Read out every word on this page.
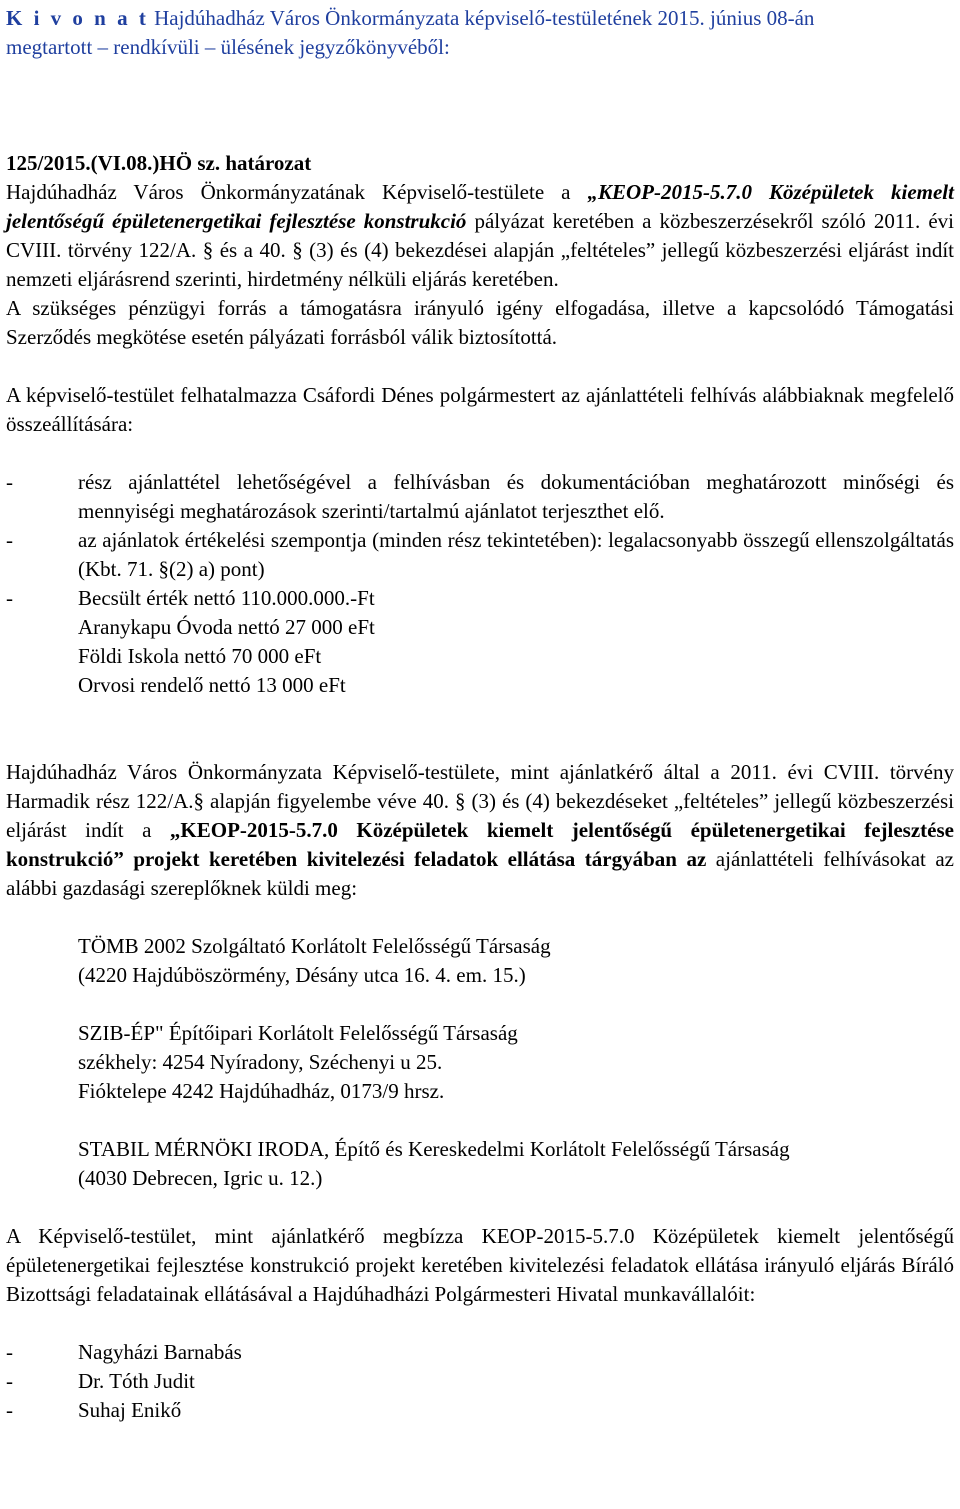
K i v o n a t Hajdúhadház Város Önkormányzata képviselő-testületének 2015. június 08-án

megtartott – rendkívüli – ülésének jegyzőkönyvéből:

125/2015.(VI.08.)HÖ sz. határozat

Hajdúhadház Város Önkormányzatának Képviselő-testülete a „KEOP-2015-5.7.0 Középületek kiemelt jelentőségű épületenergetikai fejlesztése konstrukció pályázat keretében a közbeszerzésekről szóló 2011. évi CVIII. törvény 122/A. § és a 40. § (3) és (4) bekezdései alapján „feltételes” jellegű közbeszerzési eljárást indít nemzeti eljárásrend szerinti, hirdetmény nélküli eljárás keretében.

A szükséges pénzügyi forrás a támogatásra irányuló igény elfogadása, illetve a kapcsolódó Támogatási Szerződés megkötése esetén pályázati forrásból válik biztosítottá.

A képviselő-testület felhatalmazza Csáfordi Dénes polgármestert az ajánlattételi felhívás alábbiaknak megfelelő összeállítására:

-	rész ajánlattétel lehetőségével a felhívásban és dokumentációban meghatározott minőségi és mennyiségi meghatározások szerinti/tartalmú ajánlatot terjeszthet elő.
-	az ajánlatok értékelési szempontja (minden rész tekintetében): legalacsonyabb összegű ellenszolgáltatás (Kbt. 71. §(2) a) pont)
-	Becsült érték nettó 110.000.000.-Ft

Aranykapu Óvoda nettó 27 000 eFt

Földi Iskola nettó 70 000 eFt

Orvosi rendelő nettó 13 000 eFt

Hajdúhadház Város Önkormányzata Képviselő-testülete, mint ajánlatkérő által a 2011. évi CVIII. törvény Harmadik rész 122/A.§ alapján figyelembe véve 40. § (3) és (4) bekezdéseket „feltételes” jellegű közbeszerzési eljárást indít a „KEOP-2015-5.7.0 Középületek kiemelt jelentőségű épületenergetikai fejlesztése konstrukció” projekt keretében kivitelezési feladatok ellátása tárgyában az ajánlattételi felhívásokat az alábbi gazdasági szereplőknek küldi meg:

TÖMB 2002 Szolgáltató Korlátolt Felelősségű Társaság

(4220 Hajdúböszörmény, Désány utca 16. 4. em. 15.)

SZIB-ÉP" Építőipari Korlátolt Felelősségű Társaság

székhely: 4254 Nyíradony, Széchenyi u 25.

Fióktelepe 4242 Hajdúhadház, 0173/9 hrsz.

STABIL MÉRNÖKI IRODA, Építő és Kereskedelmi Korlátolt Felelősségű Társaság

(4030 Debrecen, Igric u. 12.)

A Képviselő-testület, mint ajánlatkérő megbízza KEOP-2015-5.7.0 Középületek kiemelt jelentőségű épületenergetikai fejlesztése konstrukció projekt keretében kivitelezési feladatok ellátása irányuló eljárás Bíráló Bizottsági feladatainak ellátásával a Hajdúhadházi Polgármesteri Hivatal munkavállalóit:

-	Nagyházi Barnabás
-	Dr. Tóth Judit
-	Suhaj Enikő
